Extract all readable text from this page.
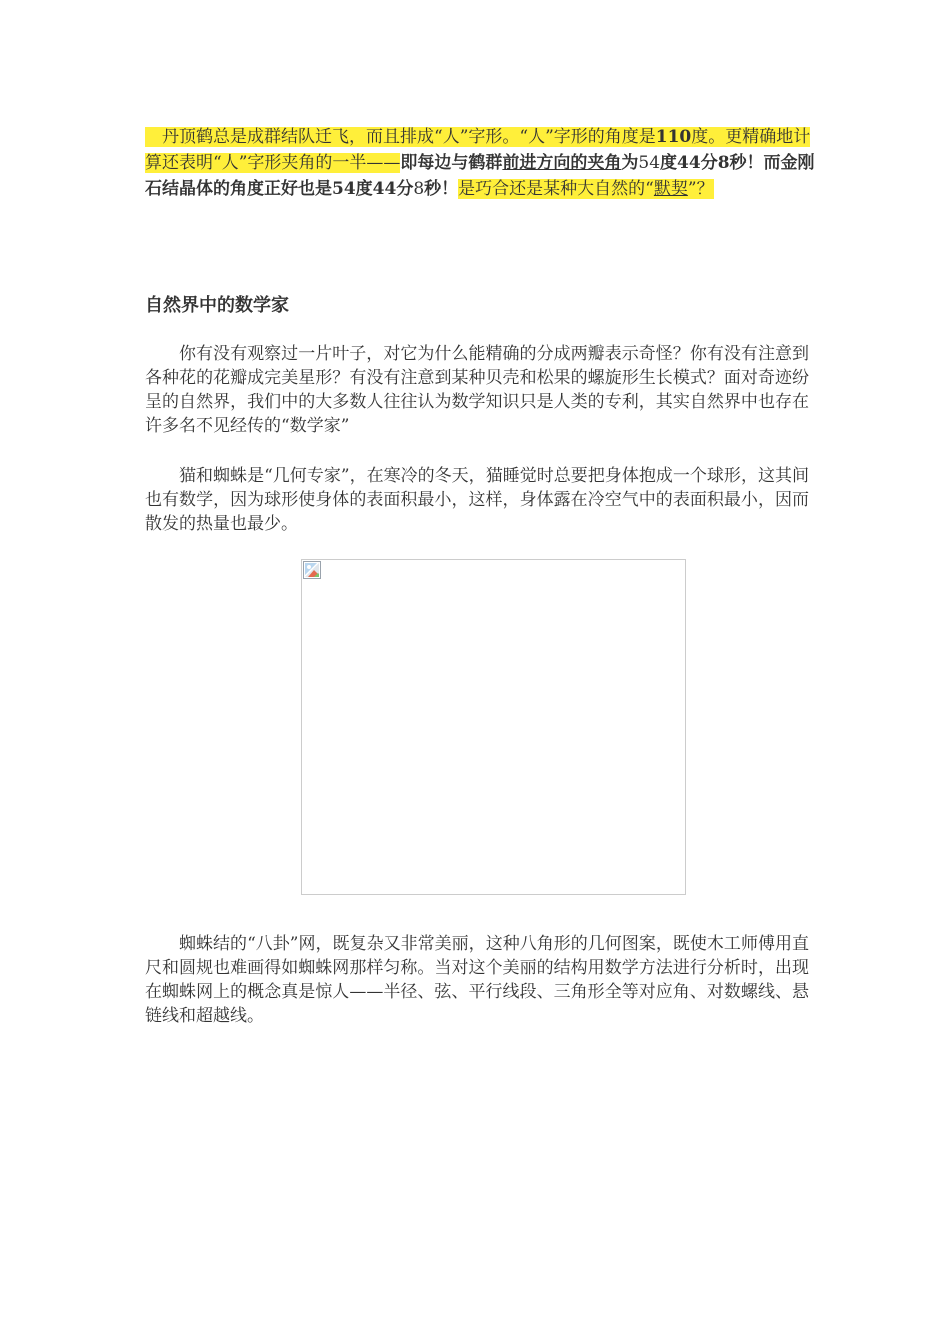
　丹顶鹤总是成群结队迁飞，而且排成“人”字形。“人”字形的角度是110度。更精确地计算还表明“人”字形夹角的一半——即每边与鹤群前进方向的夹角为54度44分8秒！而金刚石结晶体的角度正好也是54度44分8秒！是巧合还是某种大自然的“默契”？

自然界中的数学家

你有没有观察过一片叶子，对它为什么能精确的分成两瓣表示奇怪？你有没有注意到各种花的花瓣成完美星形？有没有注意到某种贝壳和松果的螺旋形生长模式？面对奇迹纷呈的自然界，我们中的大多数人往往认为数学知识只是人类的专利，其实自然界中也存在许多名不见经传的“数学家”

猫和蜘蛛是“几何专家”，在寒冷的冬天，猫睡觉时总要把身体抱成一个球形，这其间也有数学，因为球形使身体的表面积最小，这样，身体露在冷空气中的表面积最小，因而散发的热量也最少。

蜘蛛结的“八卦”网，既复杂又非常美丽，这种八角形的几何图案，既使木工师傅用直尺和圆规也难画得如蜘蛛网那样匀称。当对这个美丽的结构用数学方法进行分析时，出现在蜘蛛网上的概念真是惊人——半径、弦、平行线段、三角形全等对应角、对数螺线、悬链线和超越线。
